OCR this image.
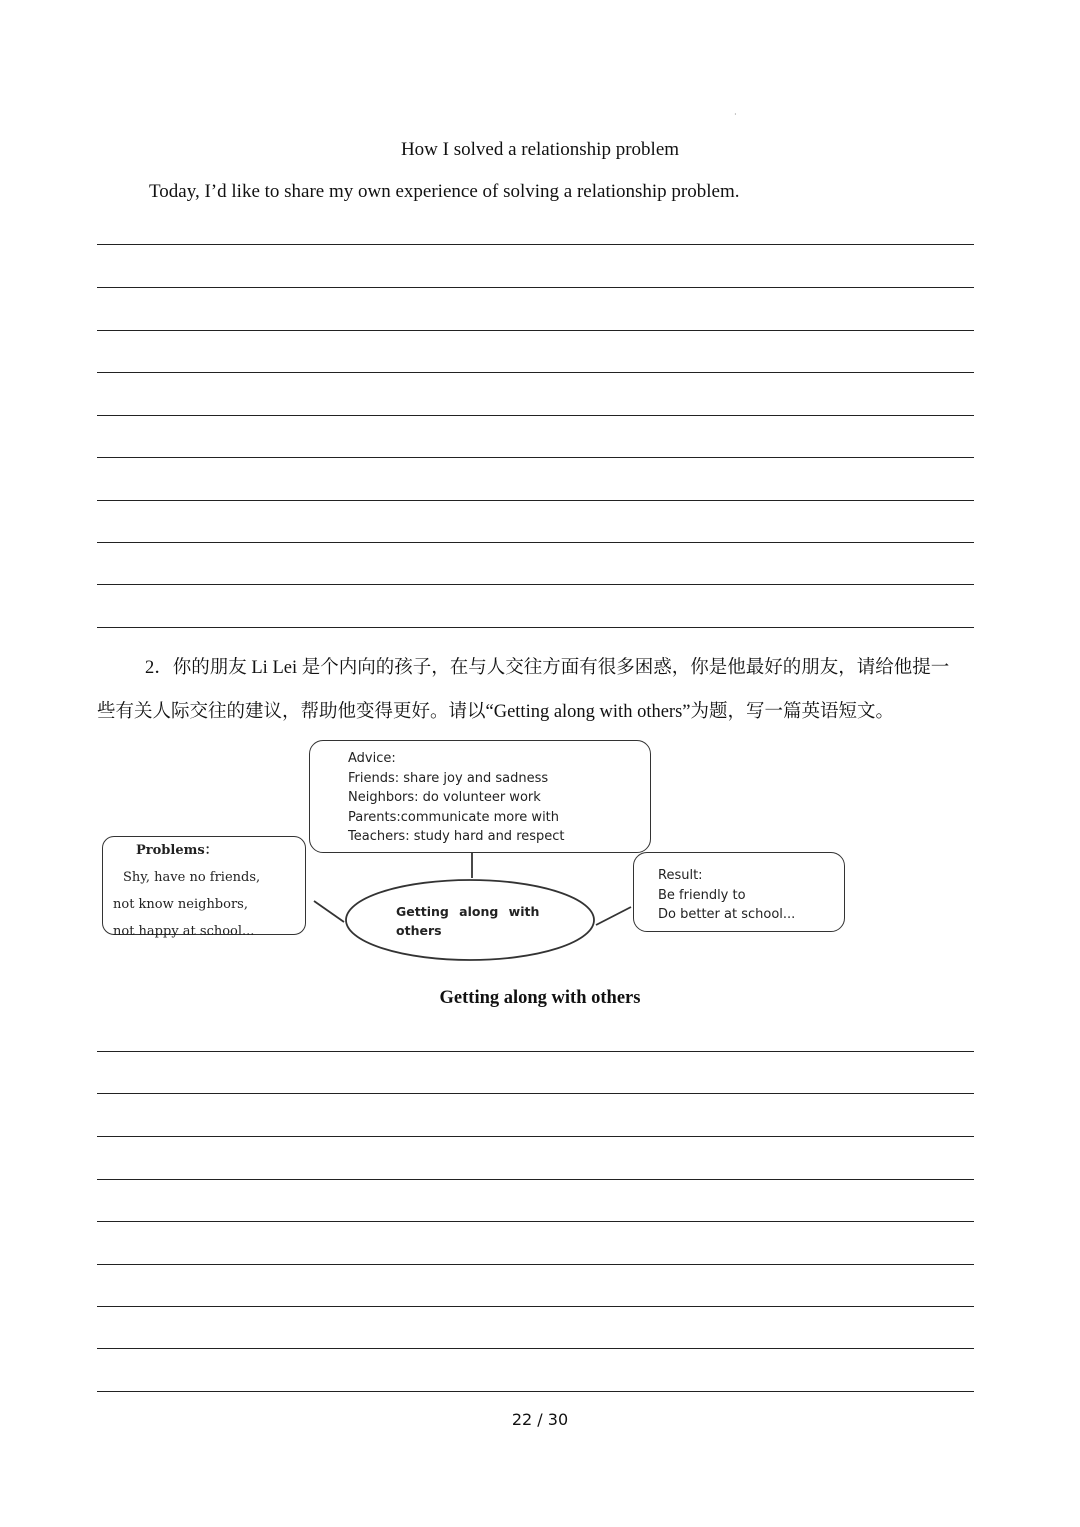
·
How I solved a relationship problem
Today, I’d like to share my own experience of solving a relationship problem.
2．你的朋友 Li Lei 是个内向的孩子，在与人交往方面有很多困惑，你是他最好的朋友，请给他提一
些有关人际交往的建议，帮助他变得更好。请以“Getting along with others”为题，写一篇英语短文。
Advice:
Friends: share joy and sadness
Neighbors: do volunteer work
Parents:communicate more with
Teachers: study hard and respect
Problems：
Shy, have no friends,
not know neighbors,
not happy at school...
Getting along with
others
Result:
Be friendly to
Do better at school...
Getting along with others
22 / 30
